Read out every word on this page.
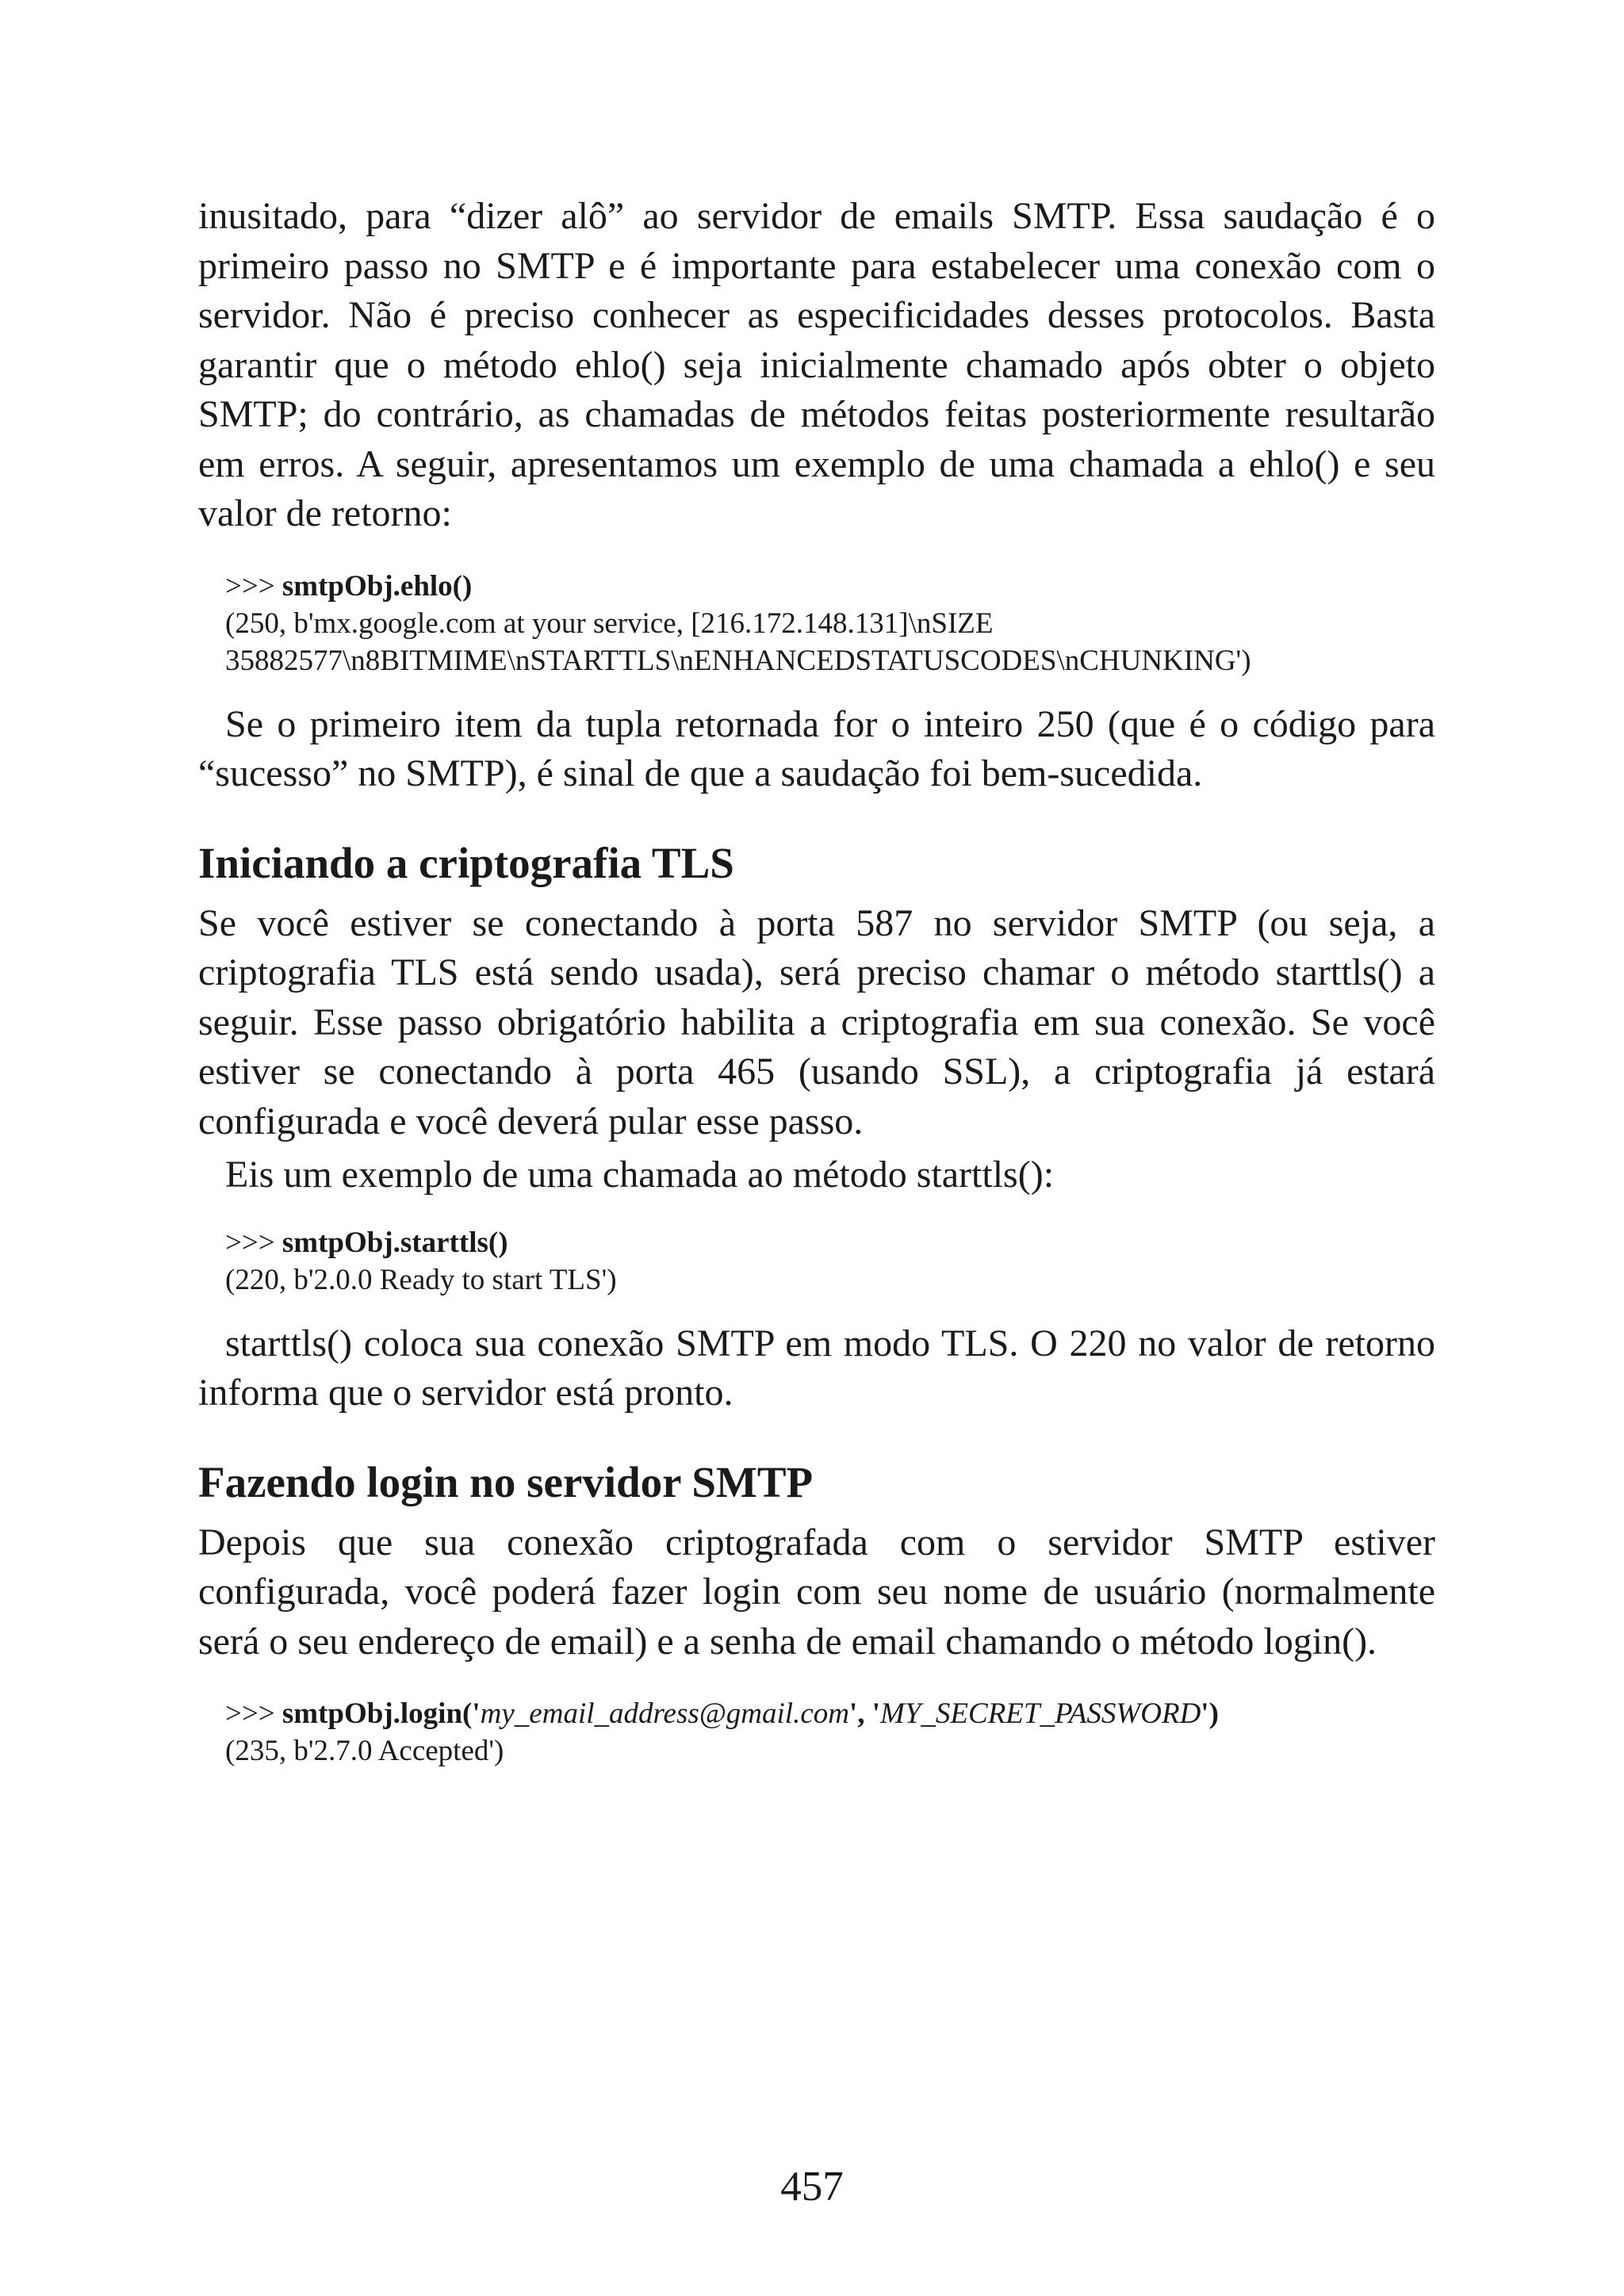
inusitado, para “dizer alô” ao servidor de emails SMTP. Essa saudação é o primeiro passo no SMTP e é importante para estabelecer uma conexão com o servidor. Não é preciso conhecer as especificidades desses protocolos. Basta garantir que o método ehlo() seja inicialmente chamado após obter o objeto SMTP; do contrário, as chamadas de métodos feitas posteriormente resultarão em erros. A seguir, apresentamos um exemplo de uma chamada a ehlo() e seu valor de retorno:

>>> smtpObj.ehlo()
(250, b'mx.google.com at your service, [216.172.148.131]\nSIZE
35882577\n8BITMIME\nSTARTTLS\nENHANCEDSTATUSCODES\nCHUNKING')

Se o primeiro item da tupla retornada for o inteiro 250 (que é o código para “sucesso” no SMTP), é sinal de que a saudação foi bem-sucedida.

Iniciando a criptografia TLS

Se você estiver se conectando à porta 587 no servidor SMTP (ou seja, a criptografia TLS está sendo usada), será preciso chamar o método starttls() a seguir. Esse passo obrigatório habilita a criptografia em sua conexão. Se você estiver se conectando à porta 465 (usando SSL), a criptografia já estará configurada e você deverá pular esse passo.

Eis um exemplo de uma chamada ao método starttls():

>>> smtpObj.starttls()
(220, b'2.0.0 Ready to start TLS')

starttls() coloca sua conexão SMTP em modo TLS. O 220 no valor de retorno informa que o servidor está pronto.

Fazendo login no servidor SMTP

Depois que sua conexão criptografada com o servidor SMTP estiver configurada, você poderá fazer login com seu nome de usuário (normalmente será o seu endereço de email) e a senha de email chamando o método login().

>>> smtpObj.login('my_email_address@gmail.com', 'MY_SECRET_PASSWORD')
(235, b'2.7.0 Accepted')
457
